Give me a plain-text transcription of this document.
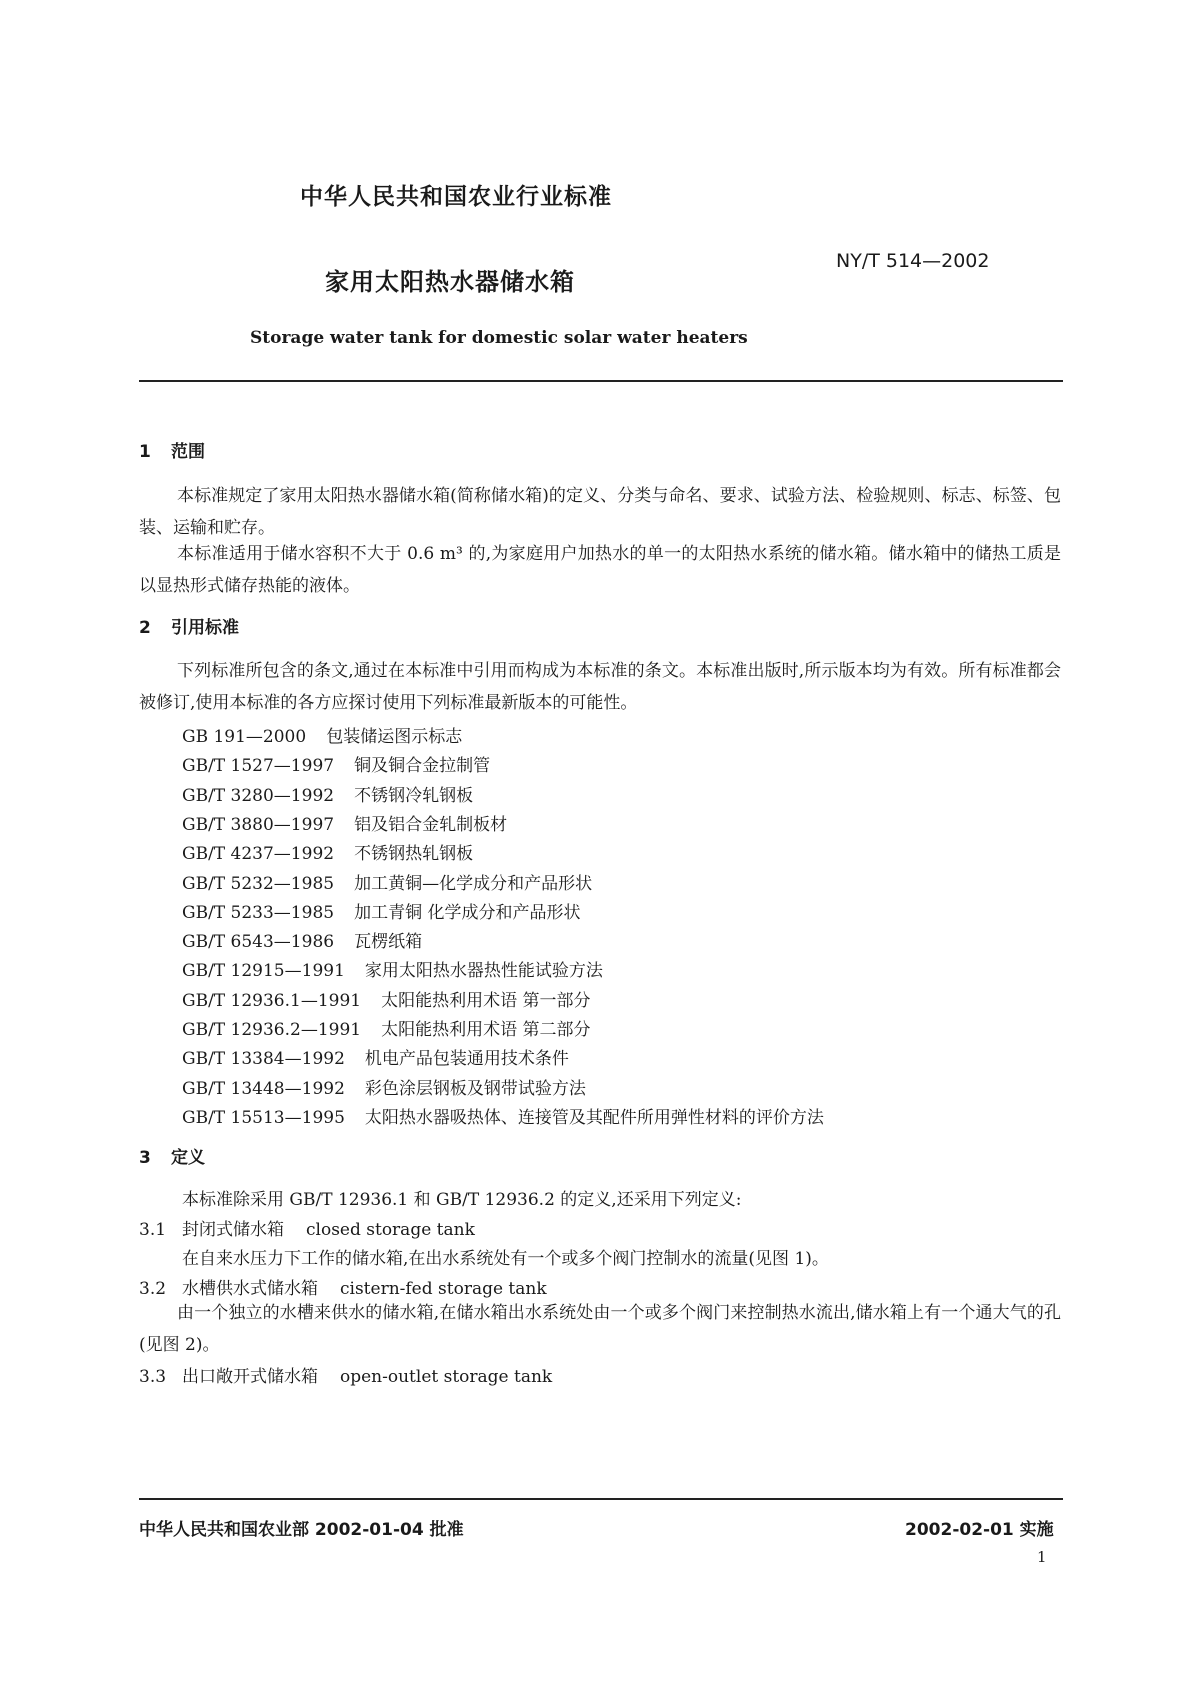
中华人民共和国农业行业标准
NY/T 514—2002
家用太阳热水器储水箱
Storage water tank for domestic solar water heaters
1 范围
本标准规定了家用太阳热水器储水箱(简称储水箱)的定义、分类与命名、要求、试验方法、检验规则、标志、标签、包装、运输和贮存。
本标准适用于储水容积不大于 0.6 m³ 的,为家庭用户加热水的单一的太阳热水系统的储水箱。储水箱中的储热工质是以显热形式储存热能的液体。
2 引用标准
下列标准所包含的条文,通过在本标准中引用而构成为本标准的条文。本标准出版时,所示版本均为有效。所有标准都会被修订,使用本标准的各方应探讨使用下列标准最新版本的可能性。
GB 191—2000 包装储运图示标志
GB/T 1527—1997 铜及铜合金拉制管
GB/T 3280—1992 不锈钢冷轧钢板
GB/T 3880—1997 铝及铝合金轧制板材
GB/T 4237—1992 不锈钢热轧钢板
GB/T 5232—1985 加工黄铜—化学成分和产品形状
GB/T 5233—1985 加工青铜 化学成分和产品形状
GB/T 6543—1986 瓦楞纸箱
GB/T 12915—1991 家用太阳热水器热性能试验方法
GB/T 12936.1—1991 太阳能热利用术语 第一部分
GB/T 12936.2—1991 太阳能热利用术语 第二部分
GB/T 13384—1992 机电产品包装通用技术条件
GB/T 13448—1992 彩色涂层钢板及钢带试验方法
GB/T 15513—1995 太阳热水器吸热体、连接管及其配件所用弹性材料的评价方法
3 定义
本标准除采用 GB/T 12936.1 和 GB/T 12936.2 的定义,还采用下列定义:
3.1 封闭式储水箱 closed storage tank
在自来水压力下工作的储水箱,在出水系统处有一个或多个阀门控制水的流量(见图 1)。
3.2 水槽供水式储水箱 cistern-fed storage tank
由一个独立的水槽来供水的储水箱,在储水箱出水系统处由一个或多个阀门来控制热水流出,储水箱上有一个通大气的孔(见图 2)。
3.3 出口敞开式储水箱 open-outlet storage tank
中华人民共和国农业部 2002-01-04 批准	2002-02-01 实施
1
